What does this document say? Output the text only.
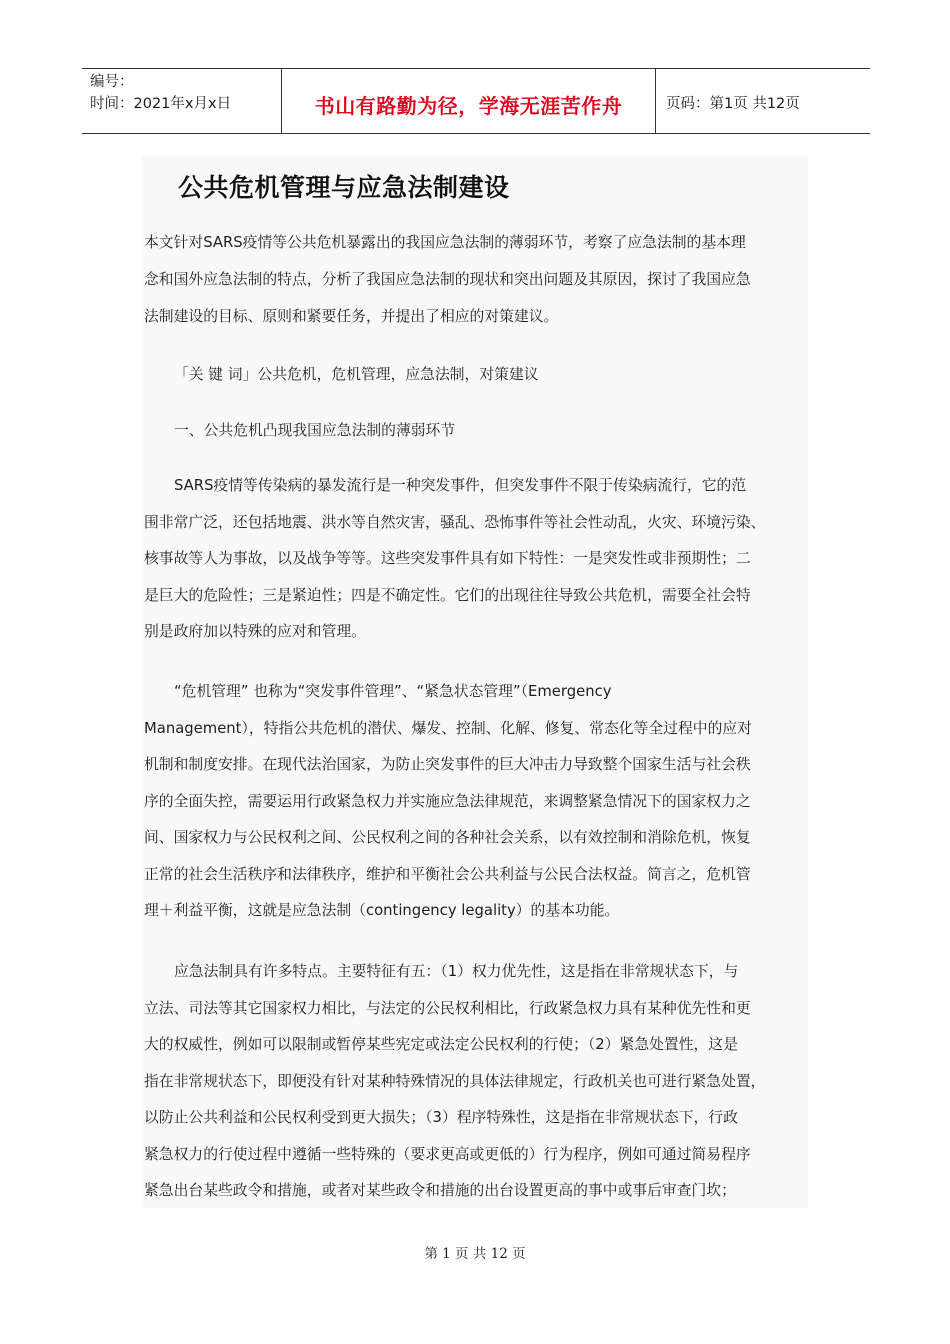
编号：
时间：2021年x月x日	书山有路勤为径，学海无涯苦作舟	页码：第1页 共12页
公共危机管理与应急法制建设
本文针对SARS疫情等公共危机暴露出的我国应急法制的薄弱环节，考察了应急法制的基本理
念和国外应急法制的特点，分析了我国应急法制的现状和突出问题及其原因，探讨了我国应急
法制建设的目标、原则和紧要任务，并提出了相应的对策建议。
「关 键 词」公共危机，危机管理，应急法制，对策建议
一、公共危机凸现我国应急法制的薄弱环节
SARS疫情等传染病的暴发流行是一种突发事件，但突发事件不限于传染病流行，它的范
围非常广泛，还包括地震、洪水等自然灾害，骚乱、恐怖事件等社会性动乱，火灾、环境污染、
核事故等人为事故，以及战争等等。这些突发事件具有如下特性：一是突发性或非预期性；二
是巨大的危险性；三是紧迫性；四是不确定性。它们的出现往往导致公共危机，需要全社会特
别是政府加以特殊的应对和管理。
“危机管理” 也称为“突发事件管理”、“紧急状态管理”（Emergency
Management），特指公共危机的潜伏、爆发、控制、化解、修复、常态化等全过程中的应对
机制和制度安排。在现代法治国家，为防止突发事件的巨大冲击力导致整个国家生活与社会秩
序的全面失控，需要运用行政紧急权力并实施应急法律规范，来调整紧急情况下的国家权力之
间、国家权力与公民权利之间、公民权利之间的各种社会关系，以有效控制和消除危机，恢复
正常的社会生活秩序和法律秩序，维护和平衡社会公共利益与公民合法权益。简言之，危机管
理＋利益平衡，这就是应急法制（contingency legality）的基本功能。
应急法制具有许多特点。主要特征有五：（1）权力优先性，这是指在非常规状态下，与
立法、司法等其它国家权力相比，与法定的公民权利相比，行政紧急权力具有某种优先性和更
大的权威性，例如可以限制或暂停某些宪定或法定公民权利的行使；（2）紧急处置性，这是
指在非常规状态下，即便没有针对某种特殊情况的具体法律规定，行政机关也可进行紧急处置，
以防止公共利益和公民权利受到更大损失；（3）程序特殊性，这是指在非常规状态下，行政
紧急权力的行使过程中遵循一些特殊的（要求更高或更低的）行为程序，例如可通过简易程序
紧急出台某些政令和措施，或者对某些政令和措施的出台设置更高的事中或事后审查门坎；
第 1 页 共 12 页
